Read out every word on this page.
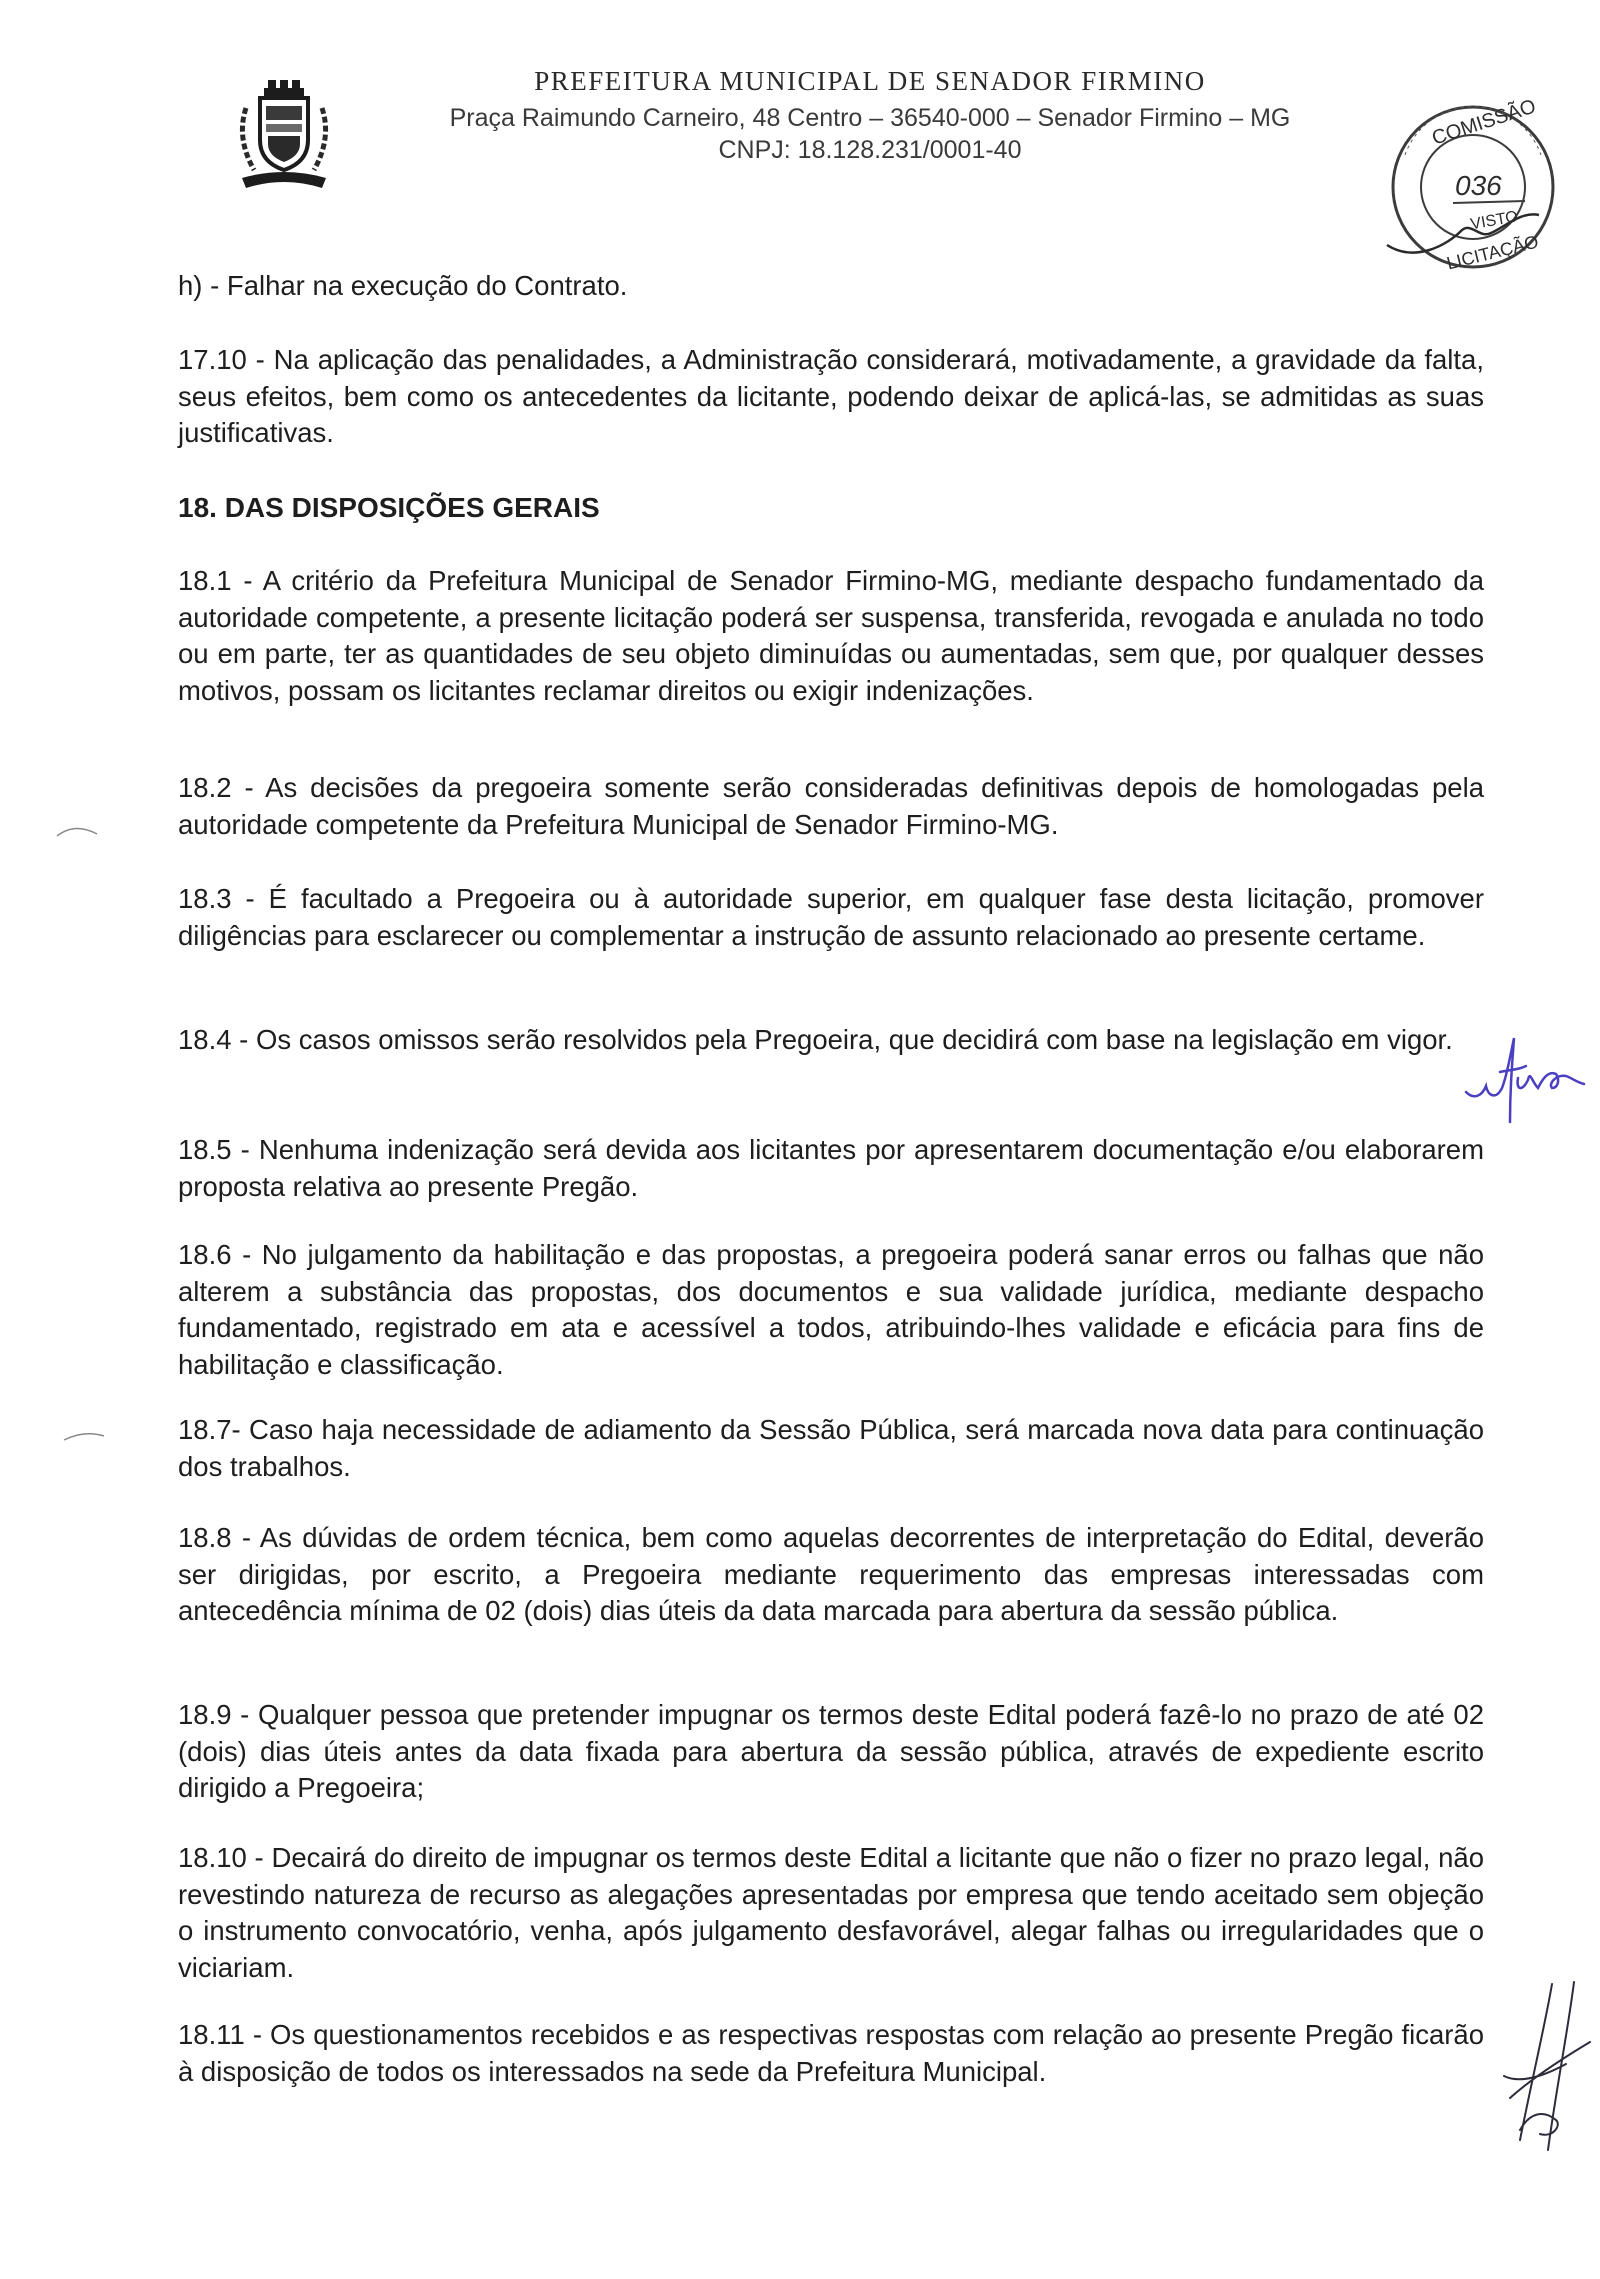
PREFEITURA MUNICIPAL DE SENADOR FIRMINO
Praça Raimundo Carneiro, 48 Centro – 36540-000 – Senador Firmino – MG
CNPJ: 18.128.231/0001-40
COMISSÃO
LICITAÇÃO
036
VISTO

h) - Falhar na execução do Contrato.

17.10 - Na aplicação das penalidades, a Administração considerará, motivadamente, a gravidade da falta, seus efeitos, bem como os antecedentes da licitante, podendo deixar de aplicá-las, se admitidas as suas justificativas.

18. DAS DISPOSIÇÕES GERAIS

18.1 - A critério da Prefeitura Municipal de Senador Firmino-MG, mediante despacho fundamentado da autoridade competente, a presente licitação poderá ser suspensa, transferida, revogada e anulada no todo ou em parte, ter as quantidades de seu objeto diminuídas ou aumentadas, sem que, por qualquer desses motivos, possam os licitantes reclamar direitos ou exigir indenizações.

18.2 - As decisões da pregoeira somente serão consideradas definitivas depois de homologadas pela autoridade competente da Prefeitura Municipal de Senador Firmino-MG.

18.3 - É facultado a Pregoeira ou à autoridade superior, em qualquer fase desta licitação, promover diligências para esclarecer ou complementar a instrução de assunto relacionado ao presente certame.

18.4 - Os casos omissos serão resolvidos pela Pregoeira, que decidirá com base na legislação em vigor.

18.5 - Nenhuma indenização será devida aos licitantes por apresentarem documentação e/ou elaborarem proposta relativa ao presente Pregão.

18.6 - No julgamento da habilitação e das propostas, a pregoeira poderá sanar erros ou falhas que não alterem a substância das propostas, dos documentos e sua validade jurídica, mediante despacho fundamentado, registrado em ata e acessível a todos, atribuindo-lhes validade e eficácia para fins de habilitação e classificação.

18.7- Caso haja necessidade de adiamento da Sessão Pública, será marcada nova data para continuação dos trabalhos.

18.8 - As dúvidas de ordem técnica, bem como aquelas decorrentes de interpretação do Edital, deverão ser dirigidas, por escrito, a Pregoeira mediante requerimento das empresas interessadas com antecedência mínima de 02 (dois) dias úteis da data marcada para abertura da sessão pública.

18.9 - Qualquer pessoa que pretender impugnar os termos deste Edital poderá fazê-lo no prazo de até 02 (dois) dias úteis antes da data fixada para abertura da sessão pública, através de expediente escrito dirigido a Pregoeira;

18.10 - Decairá do direito de impugnar os termos deste Edital a licitante que não o fizer no prazo legal, não revestindo natureza de recurso as alegações apresentadas por empresa que tendo aceitado sem objeção o instrumento convocatório, venha, após julgamento desfavorável, alegar falhas ou irregularidades que o viciariam.

18.11 - Os questionamentos recebidos e as respectivas respostas com relação ao presente Pregão ficarão à disposição de todos os interessados na sede da Prefeitura Municipal.
